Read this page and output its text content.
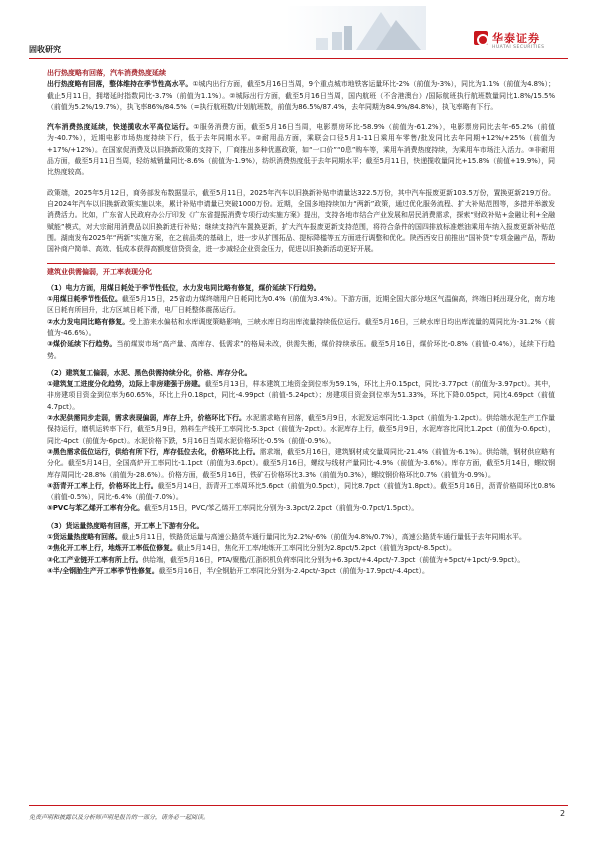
固收研究
华泰证券
HUATAI SECURITIES
出行热度略有回落，汽车消费热度延续
出行热度略有回落，整体维持在季节性高水平。①城内出行方面，截至5月16日当周，9个重点城市地铁客运量环比-2%（前值为-3%），同比为1.1%（前值为4.8%）；截止5月11日，拥堵延时指数同比-3.7%（前值为1.1%）。②城际出行方面，截至5月16日当周，国内航班（不含港澳台）/国际航班执行航班数量同比1.8%/15.5%（前值为5.2%/19.7%），执飞率86%/84.5%（=执行航班数/计划航班数，前值为86.5%/87.4%，去年同期为84.9%/84.8%），执飞率略有下行。
汽车消费热度延续，快递揽收水平高位运行。①服务消费方面，截至5月16日当周，电影票房环比-58.9%（前值为-61.2%），电影票房同比去年-65.2%（前值为-40.7%），近期电影市场热度持续下行，低于去年同期水平。②耐用品方面，乘联会口径5月1-11日乘用车零售/批发同比去年同期+12%/+25%（前值为+17%/+12%）。在国家促消费及以旧换新政策的支持下，厂商推出多种优惠政策，如“一口价”“0息”购车等，乘用车消费热度持续，为乘用车市场注入活力。③非耐用品方面，截至5月11日当周，轻纺城销量同比-8.6%（前值为-1.9%），纺织消费热度低于去年同期水平；截至5月11日，快递揽收量同比+15.8%（前值+19.9%），同比热度较高。
政策端，2025年5月12日，商务部发布数据显示，截至5月11日，2025年汽车以旧换新补贴申请量达322.5万份，其中汽车报废更新103.5万份，置换更新219万份。自2024年汽车以旧换新政策实施以来，累计补贴申请量已突破1000万份。近期，全国多地持续加力“两新”政策，通过优化服务流程、扩大补贴范围等，多措并举激发消费活力。比如，广东省人民政府办公厅印发《广东省提振消费专项行动实施方案》提出，支持各地市结合产业发展和居民消费需求，探索“财政补贴+金融让利+全融赋能”模式，对大宗耐用消费品以旧换新进行补贴；继续支持汽车置换更新，扩大汽车报废更新支持范围，将符合条件的国四排放标准燃油乘用车纳入报废更新补贴范围。湖南发布2025年“两新”实施方案，在之前品类的基础上，进一步从扩围拓品、提标降槛等五方面进行调整和优化。陕西西安日前推出“国补贷”专项金融产品，帮助国补商户简单、高效、低成本获得高额度信贷资金，进一步减轻企业资金压力，促进以旧换新活动更好开展。
建筑业供需偏弱，开工率表现分化
（1）电力方面，用煤日耗处于季节性低位，水力发电同比略有修复，煤价延续下行趋势。
①用煤日耗季节性低位。截至5月15日，25省动力煤终端用户日耗同比为0.4%（前值为3.4%）。下游方面，近期全国大部分地区气温偏高，终端日耗出现分化，南方地区日耗有所回升，北方区域日耗下滑，电厂日耗整体震荡运行。
②水力发电同比略有修复。受上游来水偏枯和水库调度策略影响，三峡水库日均出库流量持续低位运行。截至5月16日，三峡水库日均出库流量的周同比为-31.2%（前值为-46.6%）。
③煤价延续下行趋势。当前煤炭市场“高产量、高库存、低需求”的格局未改，供需失衡，煤价持续承压。截至5月16日，煤价环比-0.8%（前值-0.4%），延续下行趋势。
（2）建筑复工偏弱，水泥、黑色供需持续分化，价格、库存分化。
①建筑复工进度分化趋势，边际上非房建强于房建。截至5月13日，样本建筑工地资金到位率为59.1%，环比上升0.15pct，同比-3.77pct（前值为-3.97pct）。其中，非房建项目资金到位率为60.65%，环比上升0.18pct，同比-4.99pct（前值-5.24pct）；房建项目资金到位率为51.33%，环比下降0.05pct，同比4.69pct（前值4.7pct）。
②水泥供需同步走弱，需求表现偏弱，库存上升，价格环比下行。水泥需求略有回落，截至5月9日，水泥发运率同比-1.3pct（前值为-1.2pct）。供给端水泥生产工作量保持运行，磨机运转率下行，截至5月9日，熟料生产线开工率同比-5.3pct（前值为-2pct）。水泥库存上行，截至5月9日，水泥库容比同比1.2pct（前值为-0.6pct），同比-4pct（前值为-6pct）。水泥价格下跌，5月16日当周水泥价格环比-0.5%（前值-0.9%）。
③黑色需求低位运行，供给有所下行，库存低位去化，价格环比上行。需求端，截至5月16日，建筑钢材成交量周同比-21.4%（前值为-6.1%）。供给端，钢材供应略有分化。截至5月14日，全国高炉开工率同比-1.1pct（前值为3.6pct）。截至5月16日，螺纹与线材产量同比-4.9%（前值为-3.6%）。库存方面，截至5月14日，螺纹钢库存周同比-28.8%（前值为-28.6%）。价格方面，截至5月16日，铁矿石价格环比3.3%（前值为0.3%），螺纹钢价格环比0.7%（前值为-0.9%）。
④沥青开工率上行，价格环比上行。截至5月14日，沥青开工率周环比5.6pct（前值为0.5pct），同比8.7pct（前值为1.8pct）。截至5月16日，沥青价格周环比0.8%（前值-0.5%），同比-6.4%（前值-7.0%）。
⑤PVC与苯乙烯开工率有分化。截至5月15日，PVC/苯乙烯开工率同比分别为-3.3pct/2.2pct（前值为-0.7pct/1.5pct）。
（3）货运量热度略有回落，开工率上下游有分化。
①货运量热度略有回落。截止5月11日，铁路货运量与高速公路货车通行量同比为2.2%/-6%（前值为4.8%/0.7%），高速公路货车通行量低于去年同期水平。
②焦化开工率上行，地炼开工率低位修复。截止5月14日，焦化开工率/地炼开工率同比分别为2.8pct/5.2pct（前值为3pct/-8.5pct）。
③化工产业链开工率有所上行。供给端，截至5月16日，PTA/聚酯/江浙织机负荷率同比分别为+6.3pct/+4.4pct/-7.3pct（前值为+5pct/+1pct/-9.9pct）。
④半/全钢胎生产开工率季节性修复。截至5月16日，半/全钢胎开工率同比分别为-2.4pct/-3pct（前值为-17.9pct/-4.4pct）。
免责声明和披露以及分析师声明是报告的一部分，请务必一起阅读。	2
